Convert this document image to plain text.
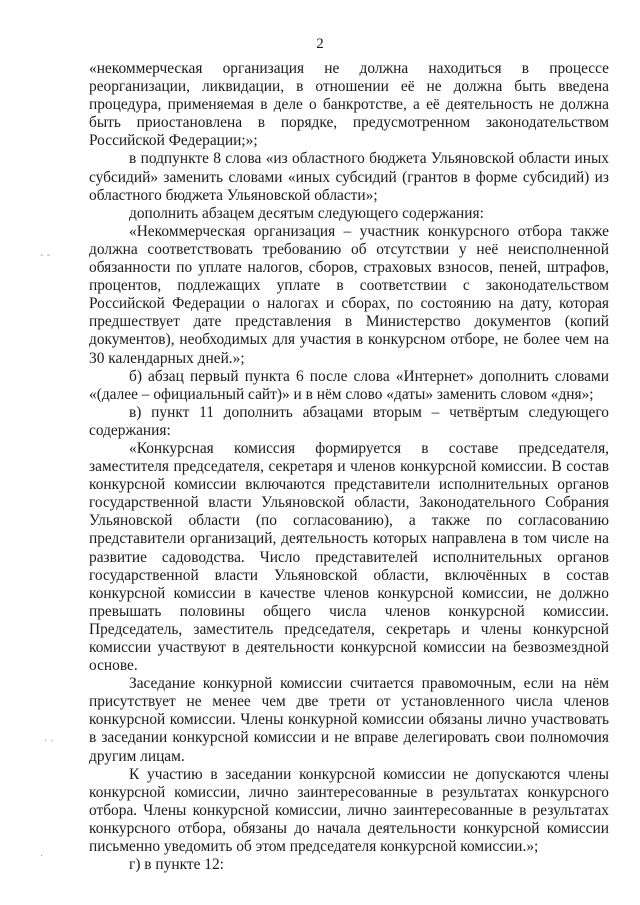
2

«некоммерческая организация не должна находиться в процессе реорганизации, ликвидации, в отношении её не должна быть введена процедура, применяемая в деле о банкротстве, а её деятельность не должна быть приостановлена в порядке, предусмотренном законодательством Российской Федерации;»;

в подпункте 8 слова «из областного бюджета Ульяновской области иных субсидий» заменить словами «иных субсидий (грантов в форме субсидий) из областного бюджета Ульяновской области»;

дополнить абзацем десятым следующего содержания:

«Некоммерческая организация – участник конкурсного отбора также должна соответствовать требованию об отсутствии у неё неисполненной обязанности по уплате налогов, сборов, страховых взносов, пеней, штрафов, процентов, подлежащих уплате в соответствии с законодательством Российской Федерации о налогах и сборах, по состоянию на дату, которая предшествует дате представления в Министерство документов (копий документов), необходимых для участия в конкурсном отборе, не более чем на 30 календарных дней.»;

б) абзац первый пункта 6 после слова «Интернет» дополнить словами «(далее – официальный сайт)» и в нём слово «даты» заменить словом «дня»;

в) пункт 11 дополнить абзацами вторым – четвёртым следующего содержания:

«Конкурсная комиссия формируется в составе председателя, заместителя председателя, секретаря и членов конкурсной комиссии. В состав конкурсной комиссии включаются представители исполнительных органов государственной власти Ульяновской области, Законодательного Собрания Ульяновской области (по согласованию), а также по согласованию представители организаций, деятельность которых направлена в том числе на развитие садоводства. Число представителей исполнительных органов государственной власти Ульяновской области, включённых в состав конкурсной комиссии в качестве членов конкурсной комиссии, не должно превышать половины общего числа членов конкурсной комиссии. Председатель, заместитель председателя, секретарь и члены конкурсной комиссии участвуют в деятельности конкурсной комиссии на безвозмездной основе.

Заседание конкурной комиссии считается правомочным, если на нём присутствует не менее чем две трети от установленного числа членов конкурсной комиссии. Члены конкурной комиссии обязаны лично участвовать в заседании конкурсной комиссии и не вправе делегировать свои полномочия другим лицам.

К участию в заседании конкурсной комиссии не допускаются члены конкурсной комиссии, лично заинтересованные в результатах конкурсного отбора. Члены конкурсной комиссии, лично заинтересованные в результатах конкурсного отбора, обязаны до начала деятельности конкурсной комиссии письменно уведомить об этом председателя конкурсной комиссии.»;

г) в пункте 12:

- -
. .
.
